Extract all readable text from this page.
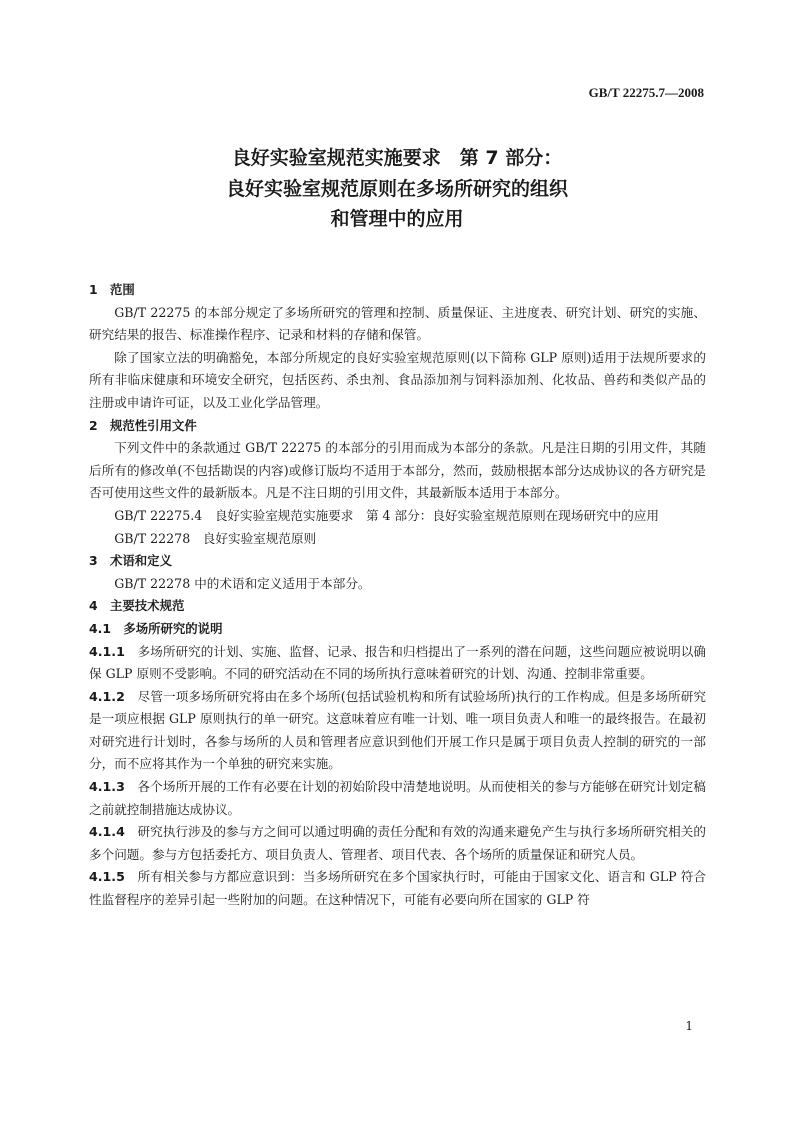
GB/T 22275.7—2008
良好实验室规范实施要求　第 7 部分：
良好实验室规范原则在多场所研究的组织
和管理中的应用

1　范围

GB/T 22275 的本部分规定了多场所研究的管理和控制、质量保证、主进度表、研究计划、研究的实施、研究结果的报告、标准操作程序、记录和材料的存储和保管。

除了国家立法的明确豁免，本部分所规定的良好实验室规范原则(以下简称 GLP 原则)适用于法规所要求的所有非临床健康和环境安全研究，包括医药、杀虫剂、食品添加剂与饲料添加剂、化妆品、兽药和类似产品的注册或申请许可证，以及工业化学品管理。

2　规范性引用文件

下列文件中的条款通过 GB/T 22275 的本部分的引用而成为本部分的条款。凡是注日期的引用文件，其随后所有的修改单(不包括勘误的内容)或修订版均不适用于本部分，然而，鼓励根据本部分达成协议的各方研究是否可使用这些文件的最新版本。凡是不注日期的引用文件，其最新版本适用于本部分。

GB/T 22275.4　良好实验室规范实施要求　第 4 部分：良好实验室规范原则在现场研究中的应用

GB/T 22278　良好实验室规范原则

3　术语和定义

GB/T 22278 中的术语和定义适用于本部分。

4　主要技术规范

4.1　多场所研究的说明

4.1.1　 多场所研究的计划、实施、监督、记录、报告和归档提出了一系列的潜在问题，这些问题应被说明以确保 GLP 原则不受影响。不同的研究活动在不同的场所执行意味着研究的计划、沟通、控制非常重要。

4.1.2　 尽管一项多场所研究将由在多个场所(包括试验机构和所有试验场所)执行的工作构成。但是多场所研究是一项应根据 GLP 原则执行的单一研究。这意味着应有唯一计划、唯一项目负责人和唯一的最终报告。在最初对研究进行计划时，各参与场所的人员和管理者应意识到他们开展工作只是属于项目负责人控制的研究的一部分，而不应将其作为一个单独的研究来实施。

4.1.3　 各个场所开展的工作有必要在计划的初始阶段中清楚地说明。从而使相关的参与方能够在研究计划定稿之前就控制措施达成协议。

4.1.4　 研究执行涉及的参与方之间可以通过明确的责任分配和有效的沟通来避免产生与执行多场所研究相关的多个问题。参与方包括委托方、项目负责人、管理者、项目代表、各个场所的质量保证和研究人员。

4.1.5　 所有相关参与方都应意识到：当多场所研究在多个国家执行时，可能由于国家文化、语言和 GLP 符合性监督程序的差异引起一些附加的问题。在这种情况下，可能有必要向所在国家的 GLP 符

1
